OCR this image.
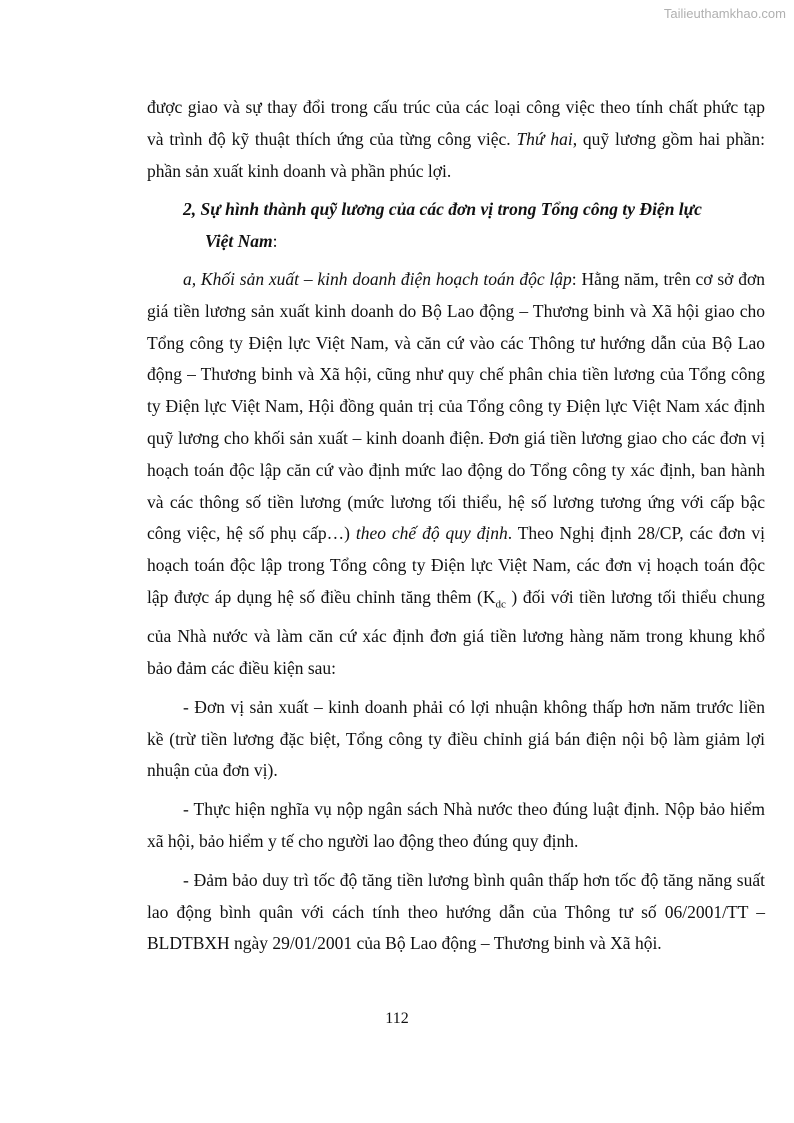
Tailieuthamkhao.com

được giao và sự thay đổi trong cấu trúc của các loại công việc theo tính chất phức tạp và trình độ kỹ thuật thích ứng của từng công việc. Thứ hai, quỹ lương gồm hai phần: phần sản xuất kinh doanh và phần phúc lợi.

2, Sự hình thành quỹ lương của các đơn vị trong Tổng công ty Điện lực
Việt Nam:

a, Khối sản xuất – kinh doanh điện hoạch toán độc lập: Hằng năm, trên cơ sở đơn giá tiền lương sản xuất kinh doanh do Bộ Lao động – Thương binh và Xã hội giao cho Tổng công ty Điện lực Việt Nam, và căn cứ vào các Thông tư hướng dẫn của Bộ Lao động – Thương binh và Xã hội, cũng như quy chế phân chia tiền lương của Tổng công ty Điện lực Việt Nam, Hội đồng quản trị của Tổng công ty Điện lực Việt Nam xác định quỹ lương cho khối sản xuất – kinh doanh điện. Đơn giá tiền lương giao cho các đơn vị hoạch toán độc lập căn cứ vào định mức lao động do Tổng công ty xác định, ban hành và các thông số tiền lương (mức lương tối thiểu, hệ số lương tương ứng với cấp bậc công việc, hệ số phụ cấp…) theo chế độ quy định. Theo Nghị định 28/CP, các đơn vị hoạch toán độc lập trong Tổng công ty Điện lực Việt Nam, các đơn vị hoạch toán độc lập được áp dụng hệ số điều chỉnh tăng thêm ($K_{dc}$ ) đối với tiền lương tối thiểu chung của Nhà nước và làm căn cứ xác định đơn giá tiền lương hàng năm trong khung khổ bảo đảm các điều kiện sau:

- Đơn vị sản xuất – kinh doanh phải có lợi nhuận không thấp hơn năm trước liền kề (trừ tiền lương đặc biệt, Tổng công ty điều chỉnh giá bán điện nội bộ làm giảm lợi nhuận của đơn vị).

- Thực hiện nghĩa vụ nộp ngân sách Nhà nước theo đúng luật định. Nộp bảo hiểm xã hội, bảo hiểm y tế cho người lao động theo đúng quy định.

- Đảm bảo duy trì tốc độ tăng tiền lương bình quân thấp hơn tốc độ tăng năng suất lao động bình quân với cách tính theo hướng dẫn của Thông tư số 06/2001/TT – BLDTBXH ngày 29/01/2001 của Bộ Lao động – Thương binh và Xã hội.

112
